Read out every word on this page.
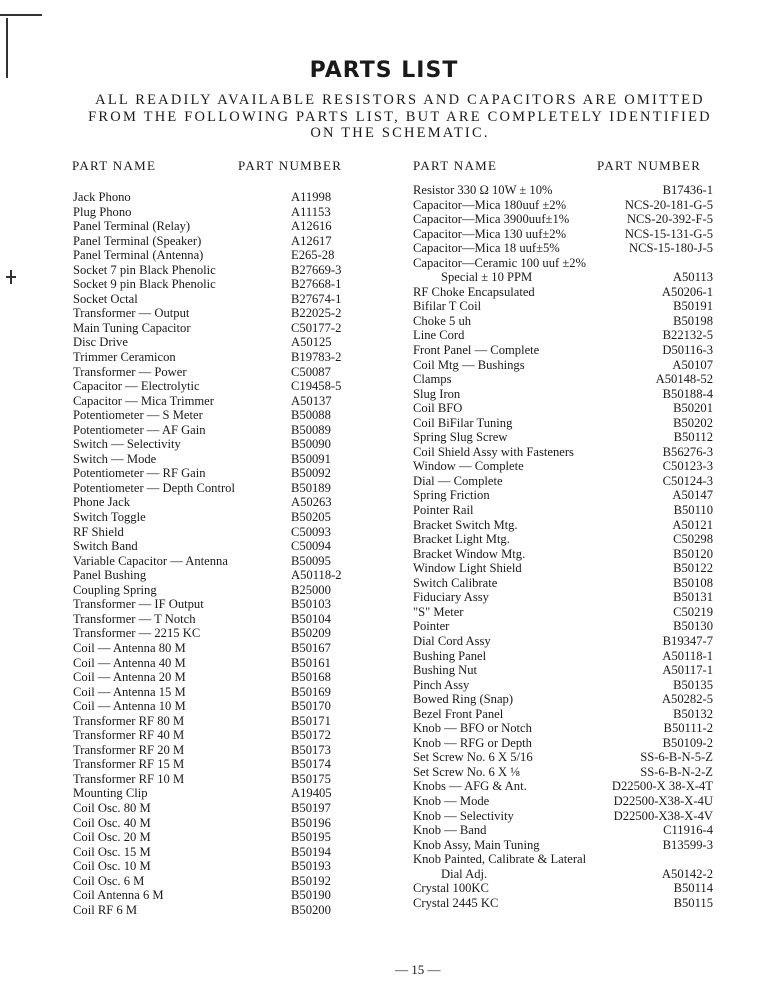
PARTS LIST
ALL READILY AVAILABLE RESISTORS AND CAPACITORS ARE OMITTED
FROM THE FOLLOWING PARTS LIST, BUT ARE COMPLETELY IDENTIFIED
ON THE SCHEMATIC.
PART NAME	PART NUMBER	PART NAME	PART NUMBER
Jack Phono	A11998
Plug Phono	A11153
Panel Terminal (Relay)	A12616
Panel Terminal (Speaker)	A12617
Panel Terminal (Antenna)	E265-28
Socket 7 pin Black Phenolic	B27669-3
Socket 9 pin Black Phenolic	B27668-1
Socket Octal	B27674-1
Transformer — Output	B22025-2
Main Tuning Capacitor	C50177-2
Disc Drive	A50125
Trimmer Ceramicon	B19783-2
Transformer — Power	C50087
Capacitor — Electrolytic	C19458-5
Capacitor — Mica Trimmer	A50137
Potentiometer — S Meter	B50088
Potentiometer — AF Gain	B50089
Switch — Selectivity	B50090
Switch — Mode	B50091
Potentiometer — RF Gain	B50092
Potentiometer — Depth Control	B50189
Phone Jack	A50263
Switch Toggle	B50205
RF Shield	C50093
Switch Band	C50094
Variable Capacitor — Antenna	B50095
Panel Bushing	A50118-2
Coupling Spring	B25000
Transformer — IF Output	B50103
Transformer — T Notch	B50104
Transformer — 2215 KC	B50209
Coil — Antenna 80 M	B50167
Coil — Antenna 40 M	B50161
Coil — Antenna 20 M	B50168
Coil — Antenna 15 M	B50169
Coil — Antenna 10 M	B50170
Transformer RF 80 M	B50171
Transformer RF 40 M	B50172
Transformer RF 20 M	B50173
Transformer RF 15 M	B50174
Transformer RF 10 M	B50175
Mounting Clip	A19405
Coil Osc. 80 M	B50197
Coil Osc. 40 M	B50196
Coil Osc. 20 M	B50195
Coil Osc. 15 M	B50194
Coil Osc. 10 M	B50193
Coil Osc. 6 M	B50192
Coil Antenna 6 M	B50190
Coil RF 6 M	B50200
Resistor 330 Ω 10W ± 10%	B17436-1
Capacitor—Mica 180uuf ±2%	NCS-20-181-G-5
Capacitor—Mica 3900uuf±1%	NCS-20-392-F-5
Capacitor—Mica 130 uuf±2%	NCS-15-131-G-5
Capacitor—Mica 18 uuf±5%	NCS-15-180-J-5
Capacitor—Ceramic 100 uuf ±2%
Special ± 10 PPM	A50113
RF Choke Encapsulated	A50206-1
Bifilar T Coil	B50191
Choke 5 uh	B50198
Line Cord	B22132-5
Front Panel — Complete	D50116-3
Coil Mtg — Bushings	A50107
Clamps	A50148-52
Slug Iron	B50188-4
Coil BFO	B50201
Coil BiFilar Tuning	B50202
Spring Slug Screw	B50112
Coil Shield Assy with Fasteners	B56276-3
Window — Complete	C50123-3
Dial — Complete	C50124-3
Spring Friction	A50147
Pointer Rail	B50110
Bracket Switch Mtg.	A50121
Bracket Light Mtg.	C50298
Bracket Window Mtg.	B50120
Window Light Shield	B50122
Switch Calibrate	B50108
Fiduciary Assy	B50131
"S" Meter	C50219
Pointer	B50130
Dial Cord Assy	B19347-7
Bushing Panel	A50118-1
Bushing Nut	A50117-1
Pinch Assy	B50135
Bowed Ring (Snap)	A50282-5
Bezel Front Panel	B50132
Knob — BFO or Notch	B50111-2
Knob — RFG or Depth	B50109-2
Set Screw No. 6 X 5/16	SS-6-B-N-5-Z
Set Screw No. 6 X ⅛	SS-6-B-N-2-Z
Knobs — AFG & Ant.	D22500-X 38-X-4T
Knob — Mode	D22500-X38-X-4U
Knob — Selectivity	D22500-X38-X-4V
Knob — Band	C11916-4
Knob Assy, Main Tuning	B13599-3
Knob Painted, Calibrate & Lateral
Dial Adj.	A50142-2
Crystal 100KC	B50114
Crystal 2445 KC	B50115
— 15 —
